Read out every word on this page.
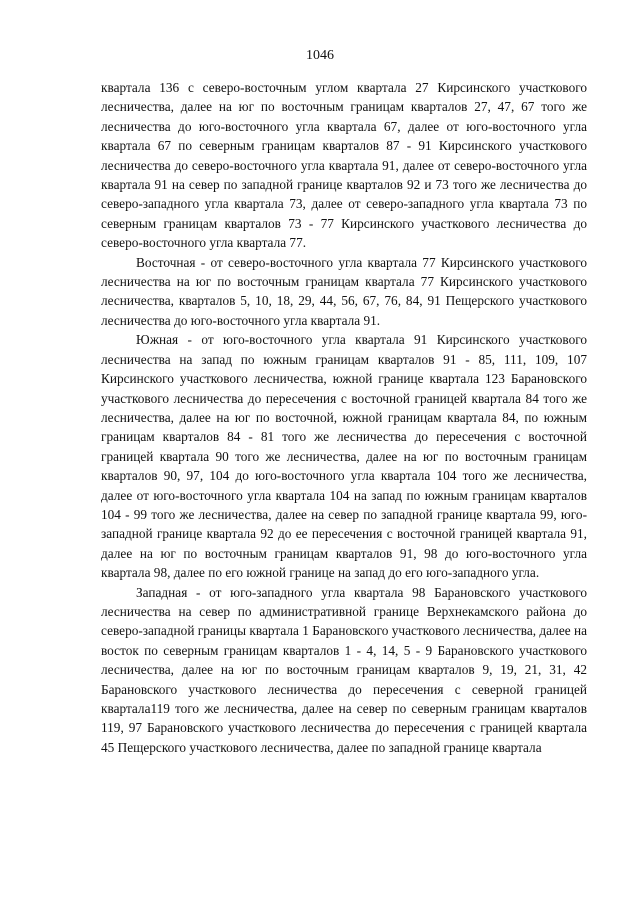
1046

квартала 136 с северо-восточным углом квартала 27 Кирсинского участкового лесничества, далее на юг по восточным границам кварталов 27, 47, 67 того же лесничества до юго-восточного угла квартала 67, далее от юго-восточного угла квартала 67 по северным границам кварталов 87 - 91 Кирсинского участкового лесничества до северо-восточного угла квартала 91, далее от северо-восточного угла квартала 91 на север по западной границе кварталов 92 и 73 того же лесничества до северо-западного угла квартала 73, далее от северо-западного угла квартала 73 по северным границам кварталов 73 - 77 Кирсинского участкового лесничества до северо-восточного угла квартала 77.

Восточная - от северо-восточного угла квартала 77 Кирсинского участкового лесничества на юг по восточным границам квартала 77 Кирсинского участкового лесничества, кварталов 5, 10, 18, 29, 44, 56, 67, 76, 84, 91 Пещерского участкового лесничества до юго-восточного угла квартала 91.

Южная - от юго-восточного угла квартала 91 Кирсинского участкового лесничества на запад по южным границам кварталов 91 - 85, 111, 109, 107 Кирсинского участкового лесничества, южной границе квартала 123 Барановского участкового лесничества до пересечения с восточной границей квартала 84 того же лесничества, далее на юг по восточной, южной границам квартала 84, по южным границам кварталов 84 - 81 того же лесничества до пересечения с восточной границей квартала 90 того же лесничества, далее на юг по восточным границам кварталов 90, 97, 104 до юго-восточного угла квартала 104 того же лесничества, далее от юго-восточного угла квартала 104 на запад по южным границам кварталов 104 - 99 того же лесничества, далее на север по западной границе квартала 99, юго-западной границе квартала 92 до ее пересечения с восточной границей квартала 91, далее на юг по восточным границам кварталов 91, 98 до юго-восточного угла квартала 98, далее по его южной границе на запад до его юго-западного угла.

Западная - от юго-западного угла квартала 98 Барановского участкового лесничества на север по административной границе Верхнекамского района до северо-западной границы квартала 1 Барановского участкового лесничества, далее на восток по северным границам кварталов 1 - 4, 14, 5 - 9 Барановского участкового лесничества, далее на юг по восточным границам кварталов 9, 19, 21, 31, 42 Барановского участкового лесничества до пересечения с северной границей квартала119 того же лесничества, далее на север по северным границам кварталов 119, 97 Барановского участкового лесничества до пересечения с границей квартала 45 Пещерского участкового лесничества, далее по западной границе квартала
